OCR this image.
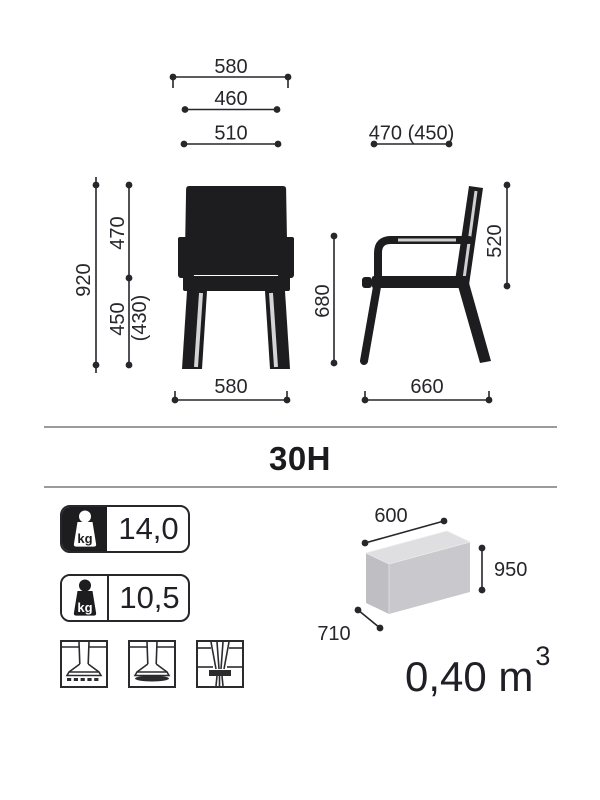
580
460
510	470 (450)
920
470
450 (430)
580
680
520
660
30H
kg 14,0
kg 10,5
600
950
710
0,40 m 3
